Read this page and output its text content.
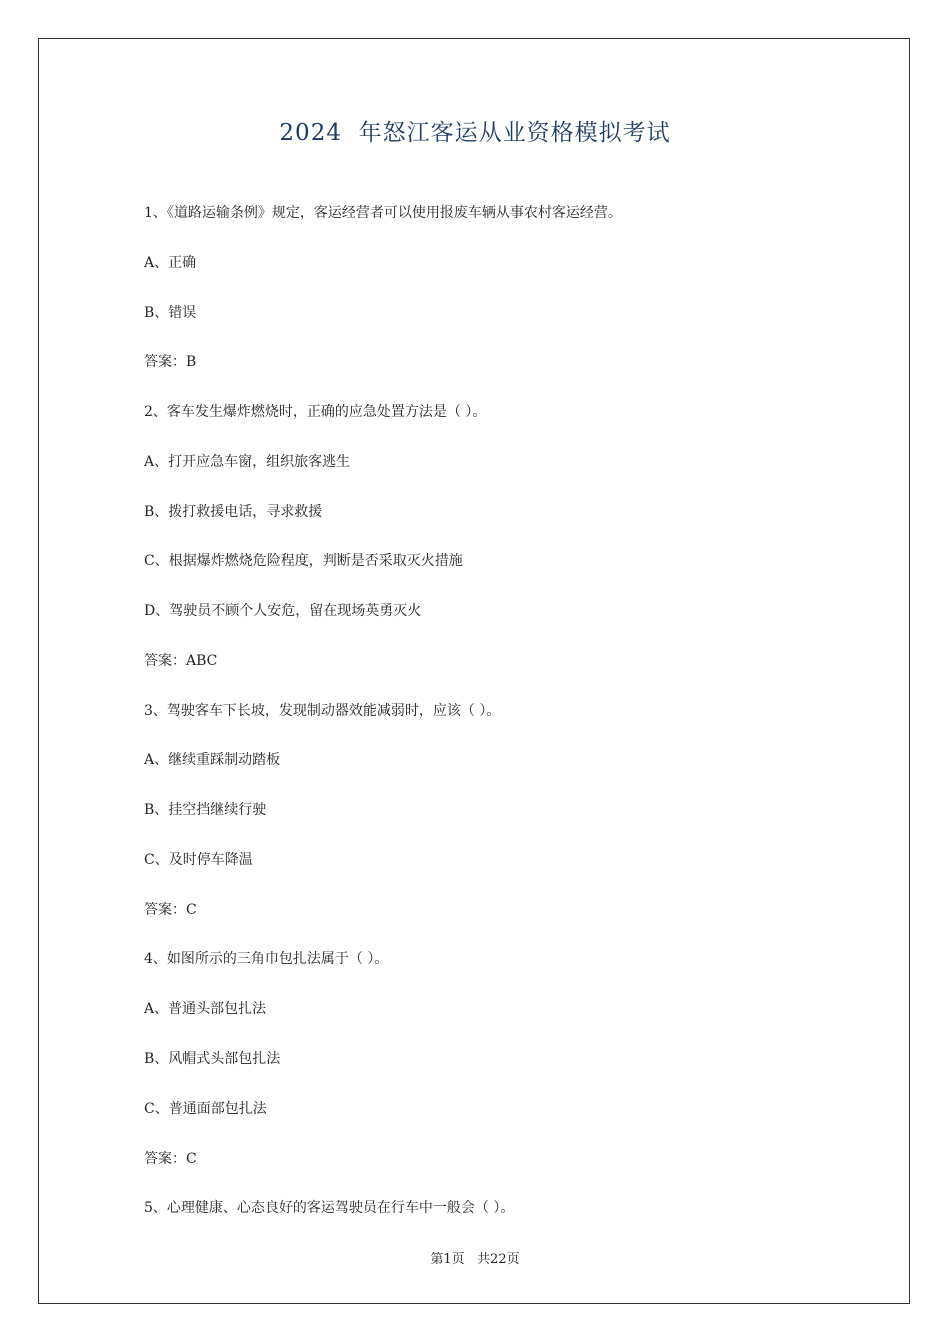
2024  年怒江客运从业资格模拟考试
1、《道路运输条例》规定，客运经营者可以使用报废车辆从事农村客运经营。
A、正确
B、错误
答案：B
2、客车发生爆炸燃烧时，正确的应急处置方法是（ ）。
A、打开应急车窗，组织旅客逃生
B、拨打救援电话，寻求救援
C、根据爆炸燃烧危险程度，判断是否采取灭火措施
D、驾驶员不顾个人安危，留在现场英勇灭火
答案：ABC
3、驾驶客车下长坡，发现制动器效能减弱时，应该（ ）。
A、继续重踩制动踏板
B、挂空挡继续行驶
C、及时停车降温
答案：C
4、如图所示的三角巾包扎法属于（ ）。
A、普通头部包扎法
B、风帽式头部包扎法
C、普通面部包扎法
答案：C
5、心理健康、心态良好的客运驾驶员在行车中一般会（ ）。
第1页   共22页
